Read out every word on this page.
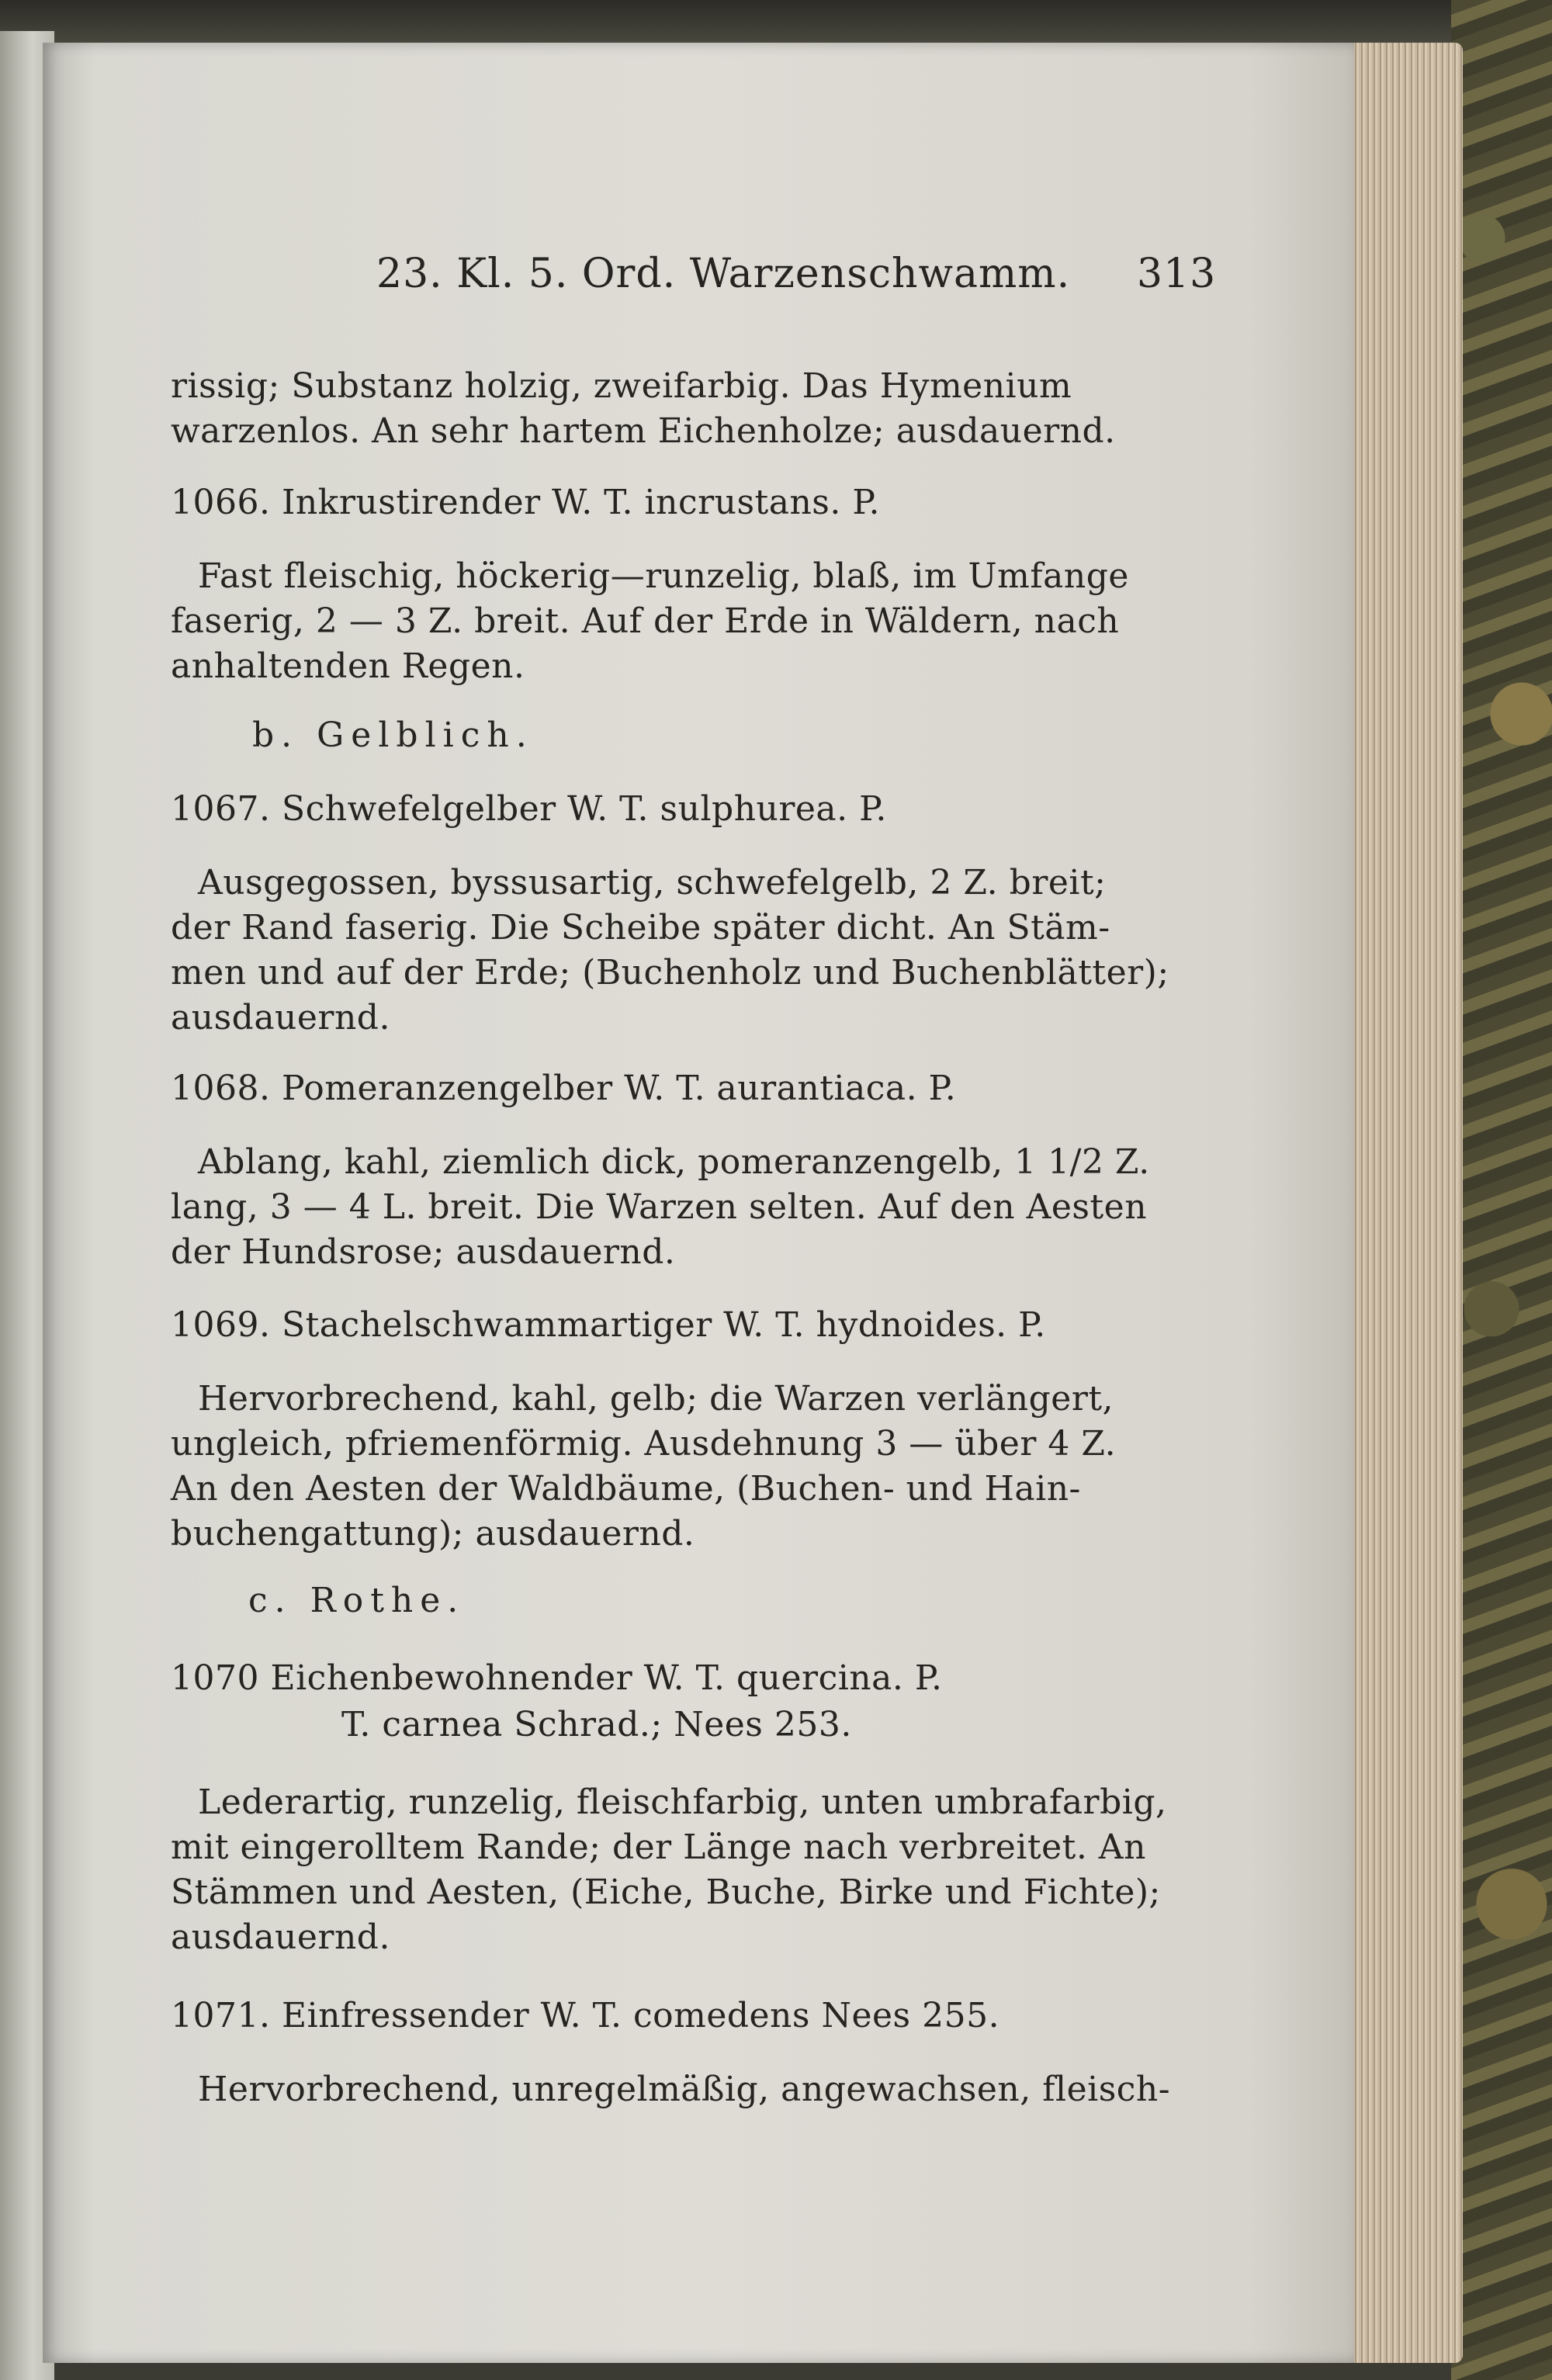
23. Kl. 5. Ord. Warzenschwamm. 313
rissig; Substanz holzig, zweifarbig. Das Hymenium
warzenlos. An sehr hartem Eichenholze; ausdauernd.
1066. Inkrustirender W. T. incrustans. P.
Fast fleischig, höckerig—runzelig, blaß, im Umfange
faserig, 2 — 3 Z. breit. Auf der Erde in Wäldern, nach
anhaltenden Regen.
b. Gelblich.
1067. Schwefelgelber W. T. sulphurea. P.
Ausgegossen, byssusartig, schwefelgelb, 2 Z. breit;
der Rand faserig. Die Scheibe später dicht. An Stäm-
men und auf der Erde; (Buchenholz und Buchenblätter);
ausdauernd.
1068. Pomeranzengelber W. T. aurantiaca. P.
Ablang, kahl, ziemlich dick, pomeranzengelb, 1 1/2 Z.
lang, 3 — 4 L. breit. Die Warzen selten. Auf den Aesten
der Hundsrose; ausdauernd.
1069. Stachelschwammartiger W. T. hydnoides. P.
Hervorbrechend, kahl, gelb; die Warzen verlängert,
ungleich, pfriemenförmig. Ausdehnung 3 — über 4 Z.
An den Aesten der Waldbäume, (Buchen- und Hain-
buchengattung); ausdauernd.
c. Rothe.
1070 Eichenbewohnender W. T. quercina. P.
T. carnea Schrad.; Nees 253.
Lederartig, runzelig, fleischfarbig, unten umbrafarbig,
mit eingerolltem Rande; der Länge nach verbreitet. An
Stämmen und Aesten, (Eiche, Buche, Birke und Fichte);
ausdauernd.
1071. Einfressender W. T. comedens Nees 255.
Hervorbrechend, unregelmäßig, angewachsen, fleisch-
